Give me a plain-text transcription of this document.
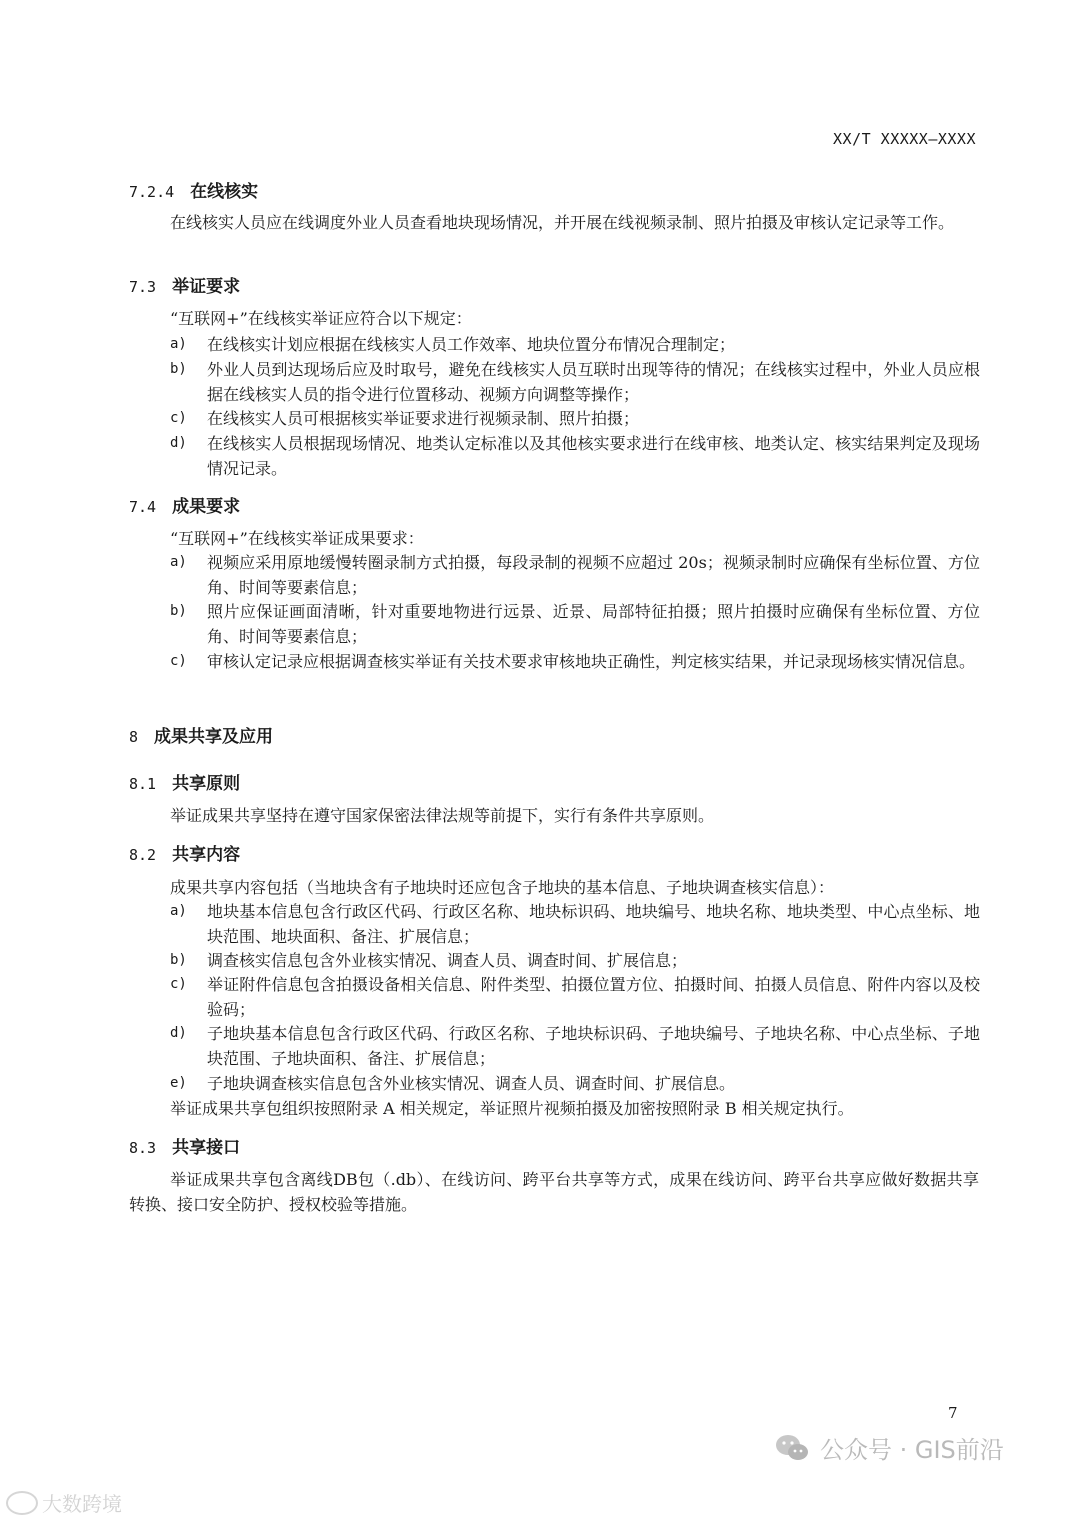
XX/T XXXXX—XXXX
7.2.4 在线核实
在线核实人员应在线调度外业人员查看地块现场情况，并开展在线视频录制、照片拍摄及审核认定记录等工作。
7.3 举证要求
“互联网+”在线核实举证应符合以下规定：
a)	在线核实计划应根据在线核实人员工作效率、地块位置分布情况合理制定；
b)	外业人员到达现场后应及时取号，避免在线核实人员互联时出现等待的情况；在线核实过程中，外业人员应根据在线核实人员的指令进行位置移动、视频方向调整等操作；
c)	在线核实人员可根据核实举证要求进行视频录制、照片拍摄；
d)	在线核实人员根据现场情况、地类认定标准以及其他核实要求进行在线审核、地类认定、核实结果判定及现场情况记录。
7.4 成果要求
“互联网+”在线核实举证成果要求：
a)	视频应采用原地缓慢转圈录制方式拍摄，每段录制的视频不应超过 20s；视频录制时应确保有坐标位置、方位角、时间等要素信息；
b)	照片应保证画面清晰，针对重要地物进行远景、近景、局部特征拍摄；照片拍摄时应确保有坐标位置、方位角、时间等要素信息；
c)	审核认定记录应根据调查核实举证有关技术要求审核地块正确性，判定核实结果，并记录现场核实情况信息。
8 成果共享及应用
8.1 共享原则
举证成果共享坚持在遵守国家保密法律法规等前提下，实行有条件共享原则。
8.2 共享内容
成果共享内容包括（当地块含有子地块时还应包含子地块的基本信息、子地块调查核实信息）：
a)	地块基本信息包含行政区代码、行政区名称、地块标识码、地块编号、地块名称、地块类型、中心点坐标、地块范围、地块面积、备注、扩展信息；
b)	调查核实信息包含外业核实情况、调查人员、调查时间、扩展信息；
c)	举证附件信息包含拍摄设备相关信息、附件类型、拍摄位置方位、拍摄时间、拍摄人员信息、附件内容以及校验码；
d)	子地块基本信息包含行政区代码、行政区名称、子地块标识码、子地块编号、子地块名称、中心点坐标、子地块范围、子地块面积、备注、扩展信息；
e)	子地块调查核实信息包含外业核实情况、调查人员、调查时间、扩展信息。
举证成果共享包组织按照附录 A 相关规定，举证照片视频拍摄及加密按照附录 B 相关规定执行。
8.3 共享接口
举证成果共享包含离线DB包（.db）、在线访问、跨平台共享等方式，成果在线访问、跨平台共享应做好数据共享转换、接口安全防护、授权校验等措施。
7
公众号 · GIS前沿
大数跨境
